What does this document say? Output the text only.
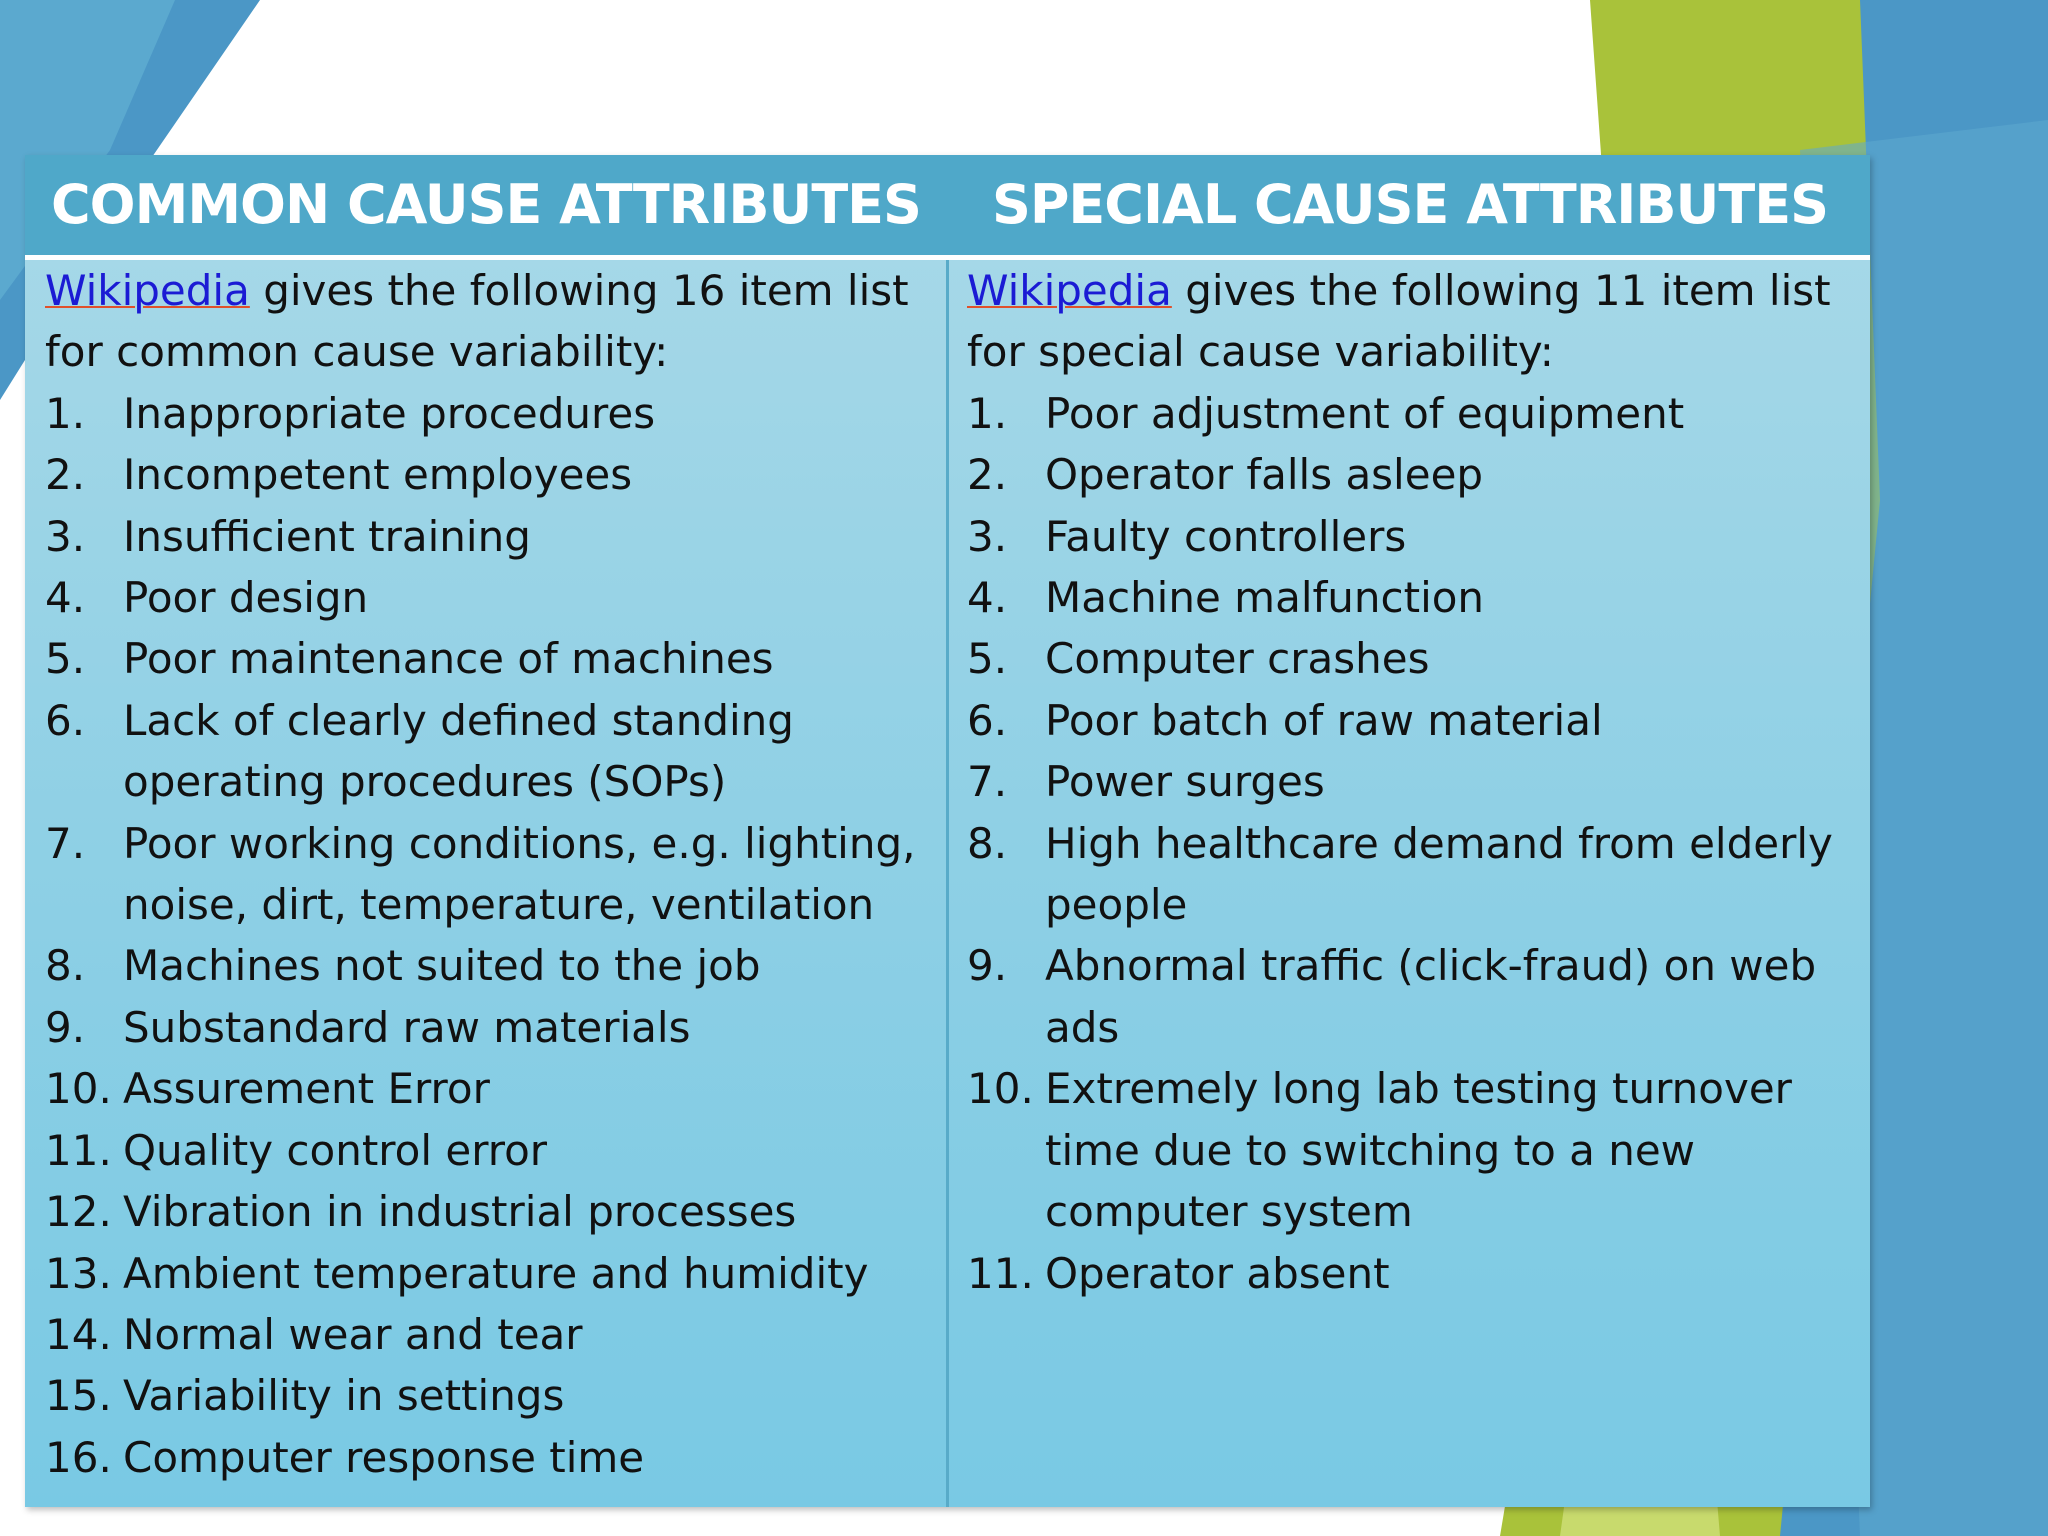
COMMON CAUSE ATTRIBUTES	SPECIAL CAUSE ATTRIBUTES

Wikipedia gives the following 16 item list

for common cause variability:

1. Inappropriate procedures
2. Incompetent employees
3. Insufficient training
4. Poor design
5. Poor maintenance of machines
6. Lack of clearly defined standing
operating procedures (SOPs)
7. Poor working conditions, e.g. lighting,
noise, dirt, temperature, ventilation
8. Machines not suited to the job
9. Substandard raw materials
10. Assurement Error
11. Quality control error
12. Vibration in industrial processes
13. Ambient temperature and humidity
14. Normal wear and tear
15. Variability in settings
16. Computer response time

Wikipedia gives the following 11 item list

for special cause variability:

1. Poor adjustment of equipment
2. Operator falls asleep
3. Faulty controllers
4. Machine malfunction
5. Computer crashes
6. Poor batch of raw material
7. Power surges
8. High healthcare demand from elderly
people
9. Abnormal traffic (click-fraud) on web
ads
10. Extremely long lab testing turnover
time due to switching to a new
computer system
11. Operator absent
